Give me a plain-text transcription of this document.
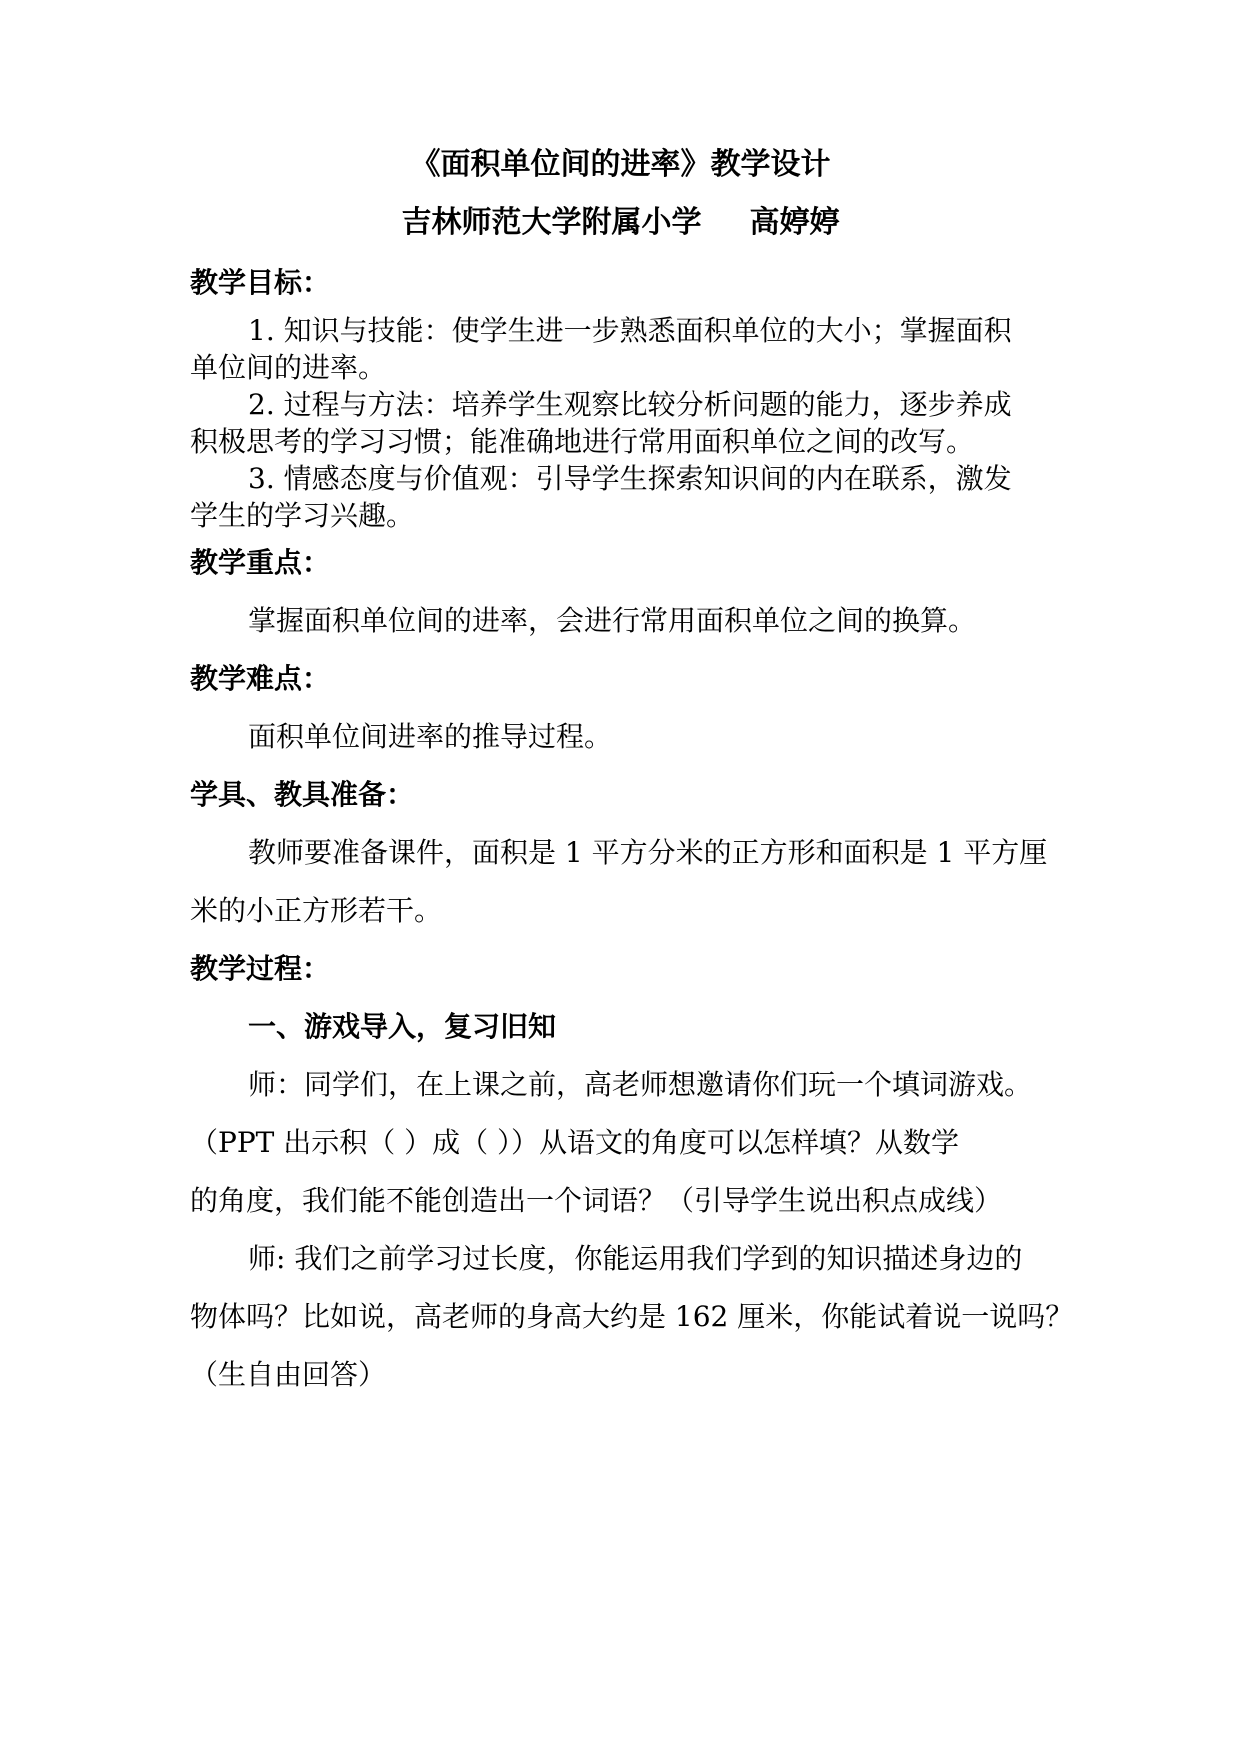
《面积单位间的进率》教学设计
吉林师范大学附属小学 高婷婷
教学目标：
1. 知识与技能：使学生进一步熟悉面积单位的大小；掌握面积
单位间的进率。
2. 过程与方法：培养学生观察比较分析问题的能力，逐步养成
积极思考的学习习惯；能准确地进行常用面积单位之间的改写。
3. 情感态度与价值观：引导学生探索知识间的内在联系，激发
学生的学习兴趣。
教学重点：
掌握面积单位间的进率，会进行常用面积单位之间的换算。
教学难点：
面积单位间进率的推导过程。
学具、教具准备：
教师要准备课件，面积是 1 平方分米的正方形和面积是 1 平方厘
米的小正方形若干。
教学过程：
一、游戏导入，复习旧知
师：同学们，在上课之前，高老师想邀请你们玩一个填词游戏。
（PPT 出示积（ ）成（ ））从语文的角度可以怎样填？从数学
的角度，我们能不能创造出一个词语？（引导学生说出积点成线）
师: 我们之前学习过长度，你能运用我们学到的知识描述身边的
物体吗？比如说，高老师的身高大约是 162 厘米，你能试着说一说吗？
（生自由回答）
